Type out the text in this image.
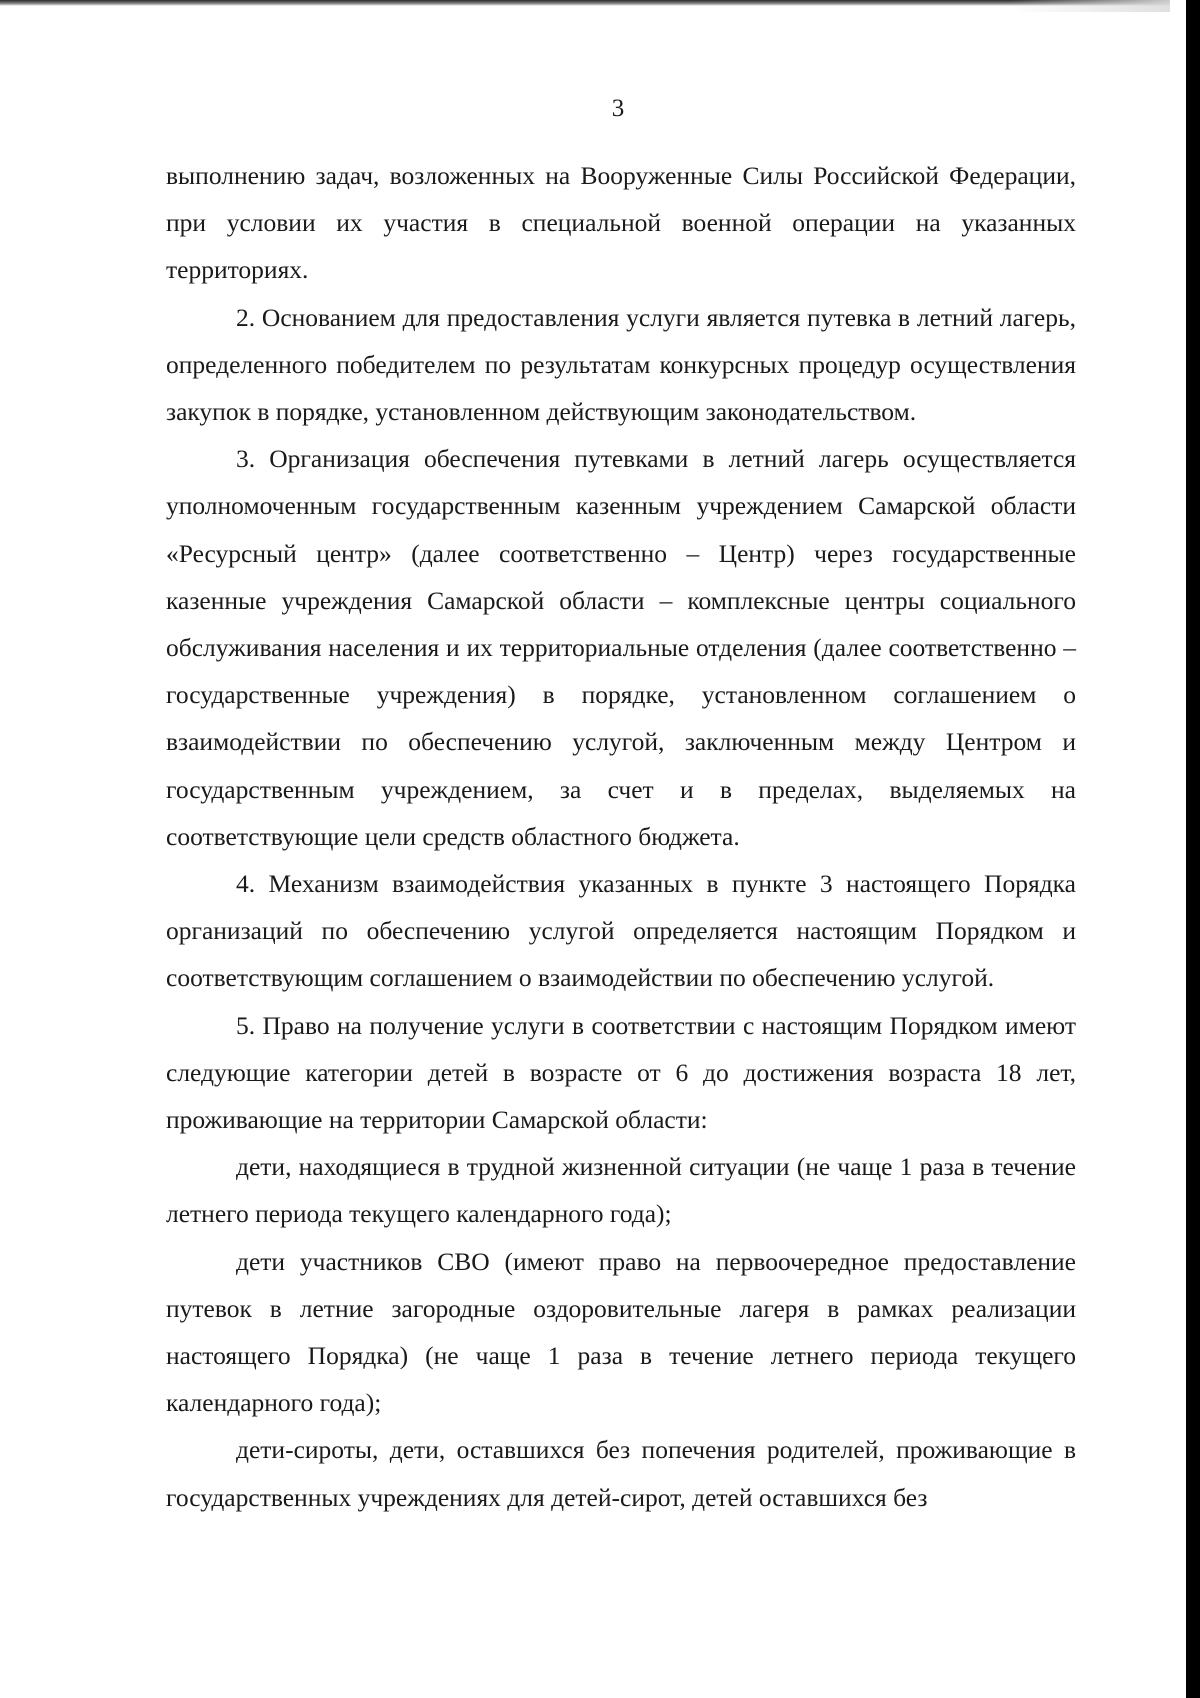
3

выполнению задач, возложенных на Вооруженные Силы Российской Федерации, при условии их участия в специальной военной операции на указанных территориях.

2. Основанием для предоставления услуги является путевка в летний лагерь, определенного победителем по результатам конкурсных процедур осуществления закупок в порядке, установленном действующим законодательством.

3. Организация обеспечения путевками в летний лагерь осуществляется уполномоченным государственным казенным учреждением Самарской области «Ресурсный центр» (далее соответственно – Центр) через государственные казенные учреждения Самарской области – комплексные центры социального обслуживания населения и их территориальные отделения (далее соответственно – государственные учреждения) в порядке, установленном соглашением о взаимодействии по обеспечению услугой, заключенным между Центром и государственным учреждением, за счет и в пределах, выделяемых на соответствующие цели средств областного бюджета.

4. Механизм взаимодействия указанных в пункте 3 настоящего Порядка организаций по обеспечению услугой определяется настоящим Порядком и соответствующим соглашением о взаимодействии по обеспечению услугой.

5. Право на получение услуги в соответствии с настоящим Порядком имеют следующие категории детей в возрасте от 6 до достижения возраста 18 лет, проживающие на территории Самарской области:

дети, находящиеся в трудной жизненной ситуации (не чаще 1 раза в течение летнего периода текущего календарного года);

дети участников СВО (имеют право на первоочередное предоставление путевок в летние загородные оздоровительные лагеря в рамках реализации настоящего Порядка) (не чаще 1 раза в течение летнего периода текущего календарного года);

дети-сироты, дети, оставшихся без попечения родителей, проживающие в государственных учреждениях для детей-сирот, детей оставшихся без
